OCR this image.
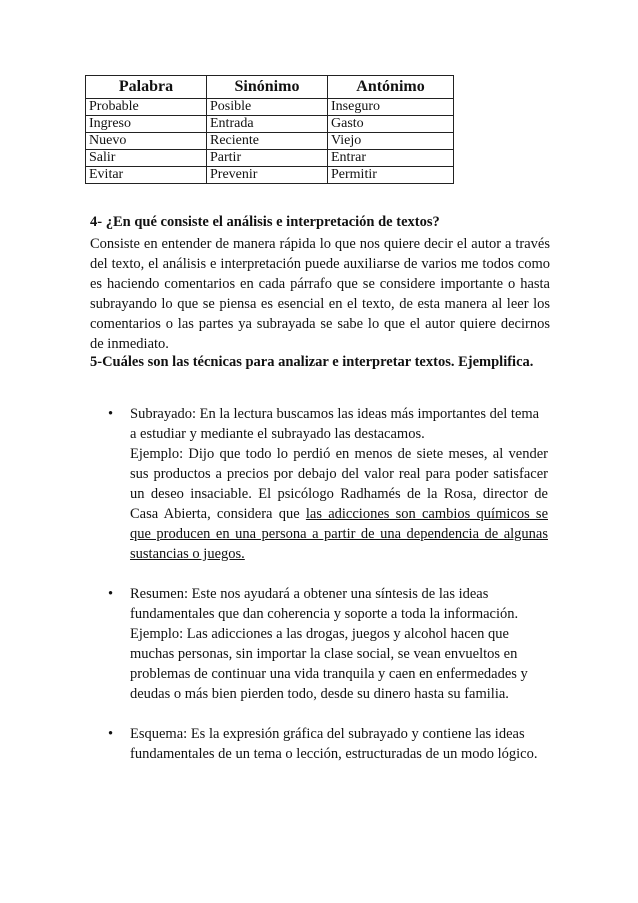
Palabra	Sinónimo	Antónimo
Probable	Posible	Inseguro
Ingreso	Entrada	Gasto
Nuevo	Reciente	Viejo
Salir	Partir	Entrar
Evitar	Prevenir	Permitir
4- ¿En qué consiste el análisis e interpretación de textos?
Consiste en entender de manera rápida lo que nos quiere decir el autor a través del texto, el análisis e interpretación puede auxiliarse de varios me todos como es haciendo comentarios en cada párrafo que se considere importante o hasta subrayando lo que se piensa es esencial en el texto, de esta manera al leer los comentarios o las partes ya subrayada se sabe lo que el autor quiere decirnos de inmediato.
5-Cuáles son las técnicas para analizar e interpretar textos. Ejemplifica.
• Subrayado: En la lectura buscamos las ideas más importantes del tema a estudiar y mediante el subrayado las destacamos.
Ejemplo: Dijo que todo lo perdió en menos de siete meses, al vender sus productos a precios por debajo del valor real para poder satisfacer un deseo insaciable. El psicólogo Radhamés de la Rosa, director de Casa Abierta, considera que las adicciones son cambios químicos se que producen en una persona a partir de una dependencia de algunas sustancias o juegos.
• Resumen: Este nos ayudará a obtener una síntesis de las ideas fundamentales que dan coherencia y soporte a toda la información.
Ejemplo: Las adicciones a las drogas, juegos y alcohol hacen que muchas personas, sin importar la clase social, se vean envueltos en problemas de continuar una vida tranquila y caen en enfermedades y deudas o más bien pierden todo, desde su dinero hasta su familia.
• Esquema: Es la expresión gráfica del subrayado y contiene las ideas fundamentales de un tema o lección, estructuradas de un modo lógico.
